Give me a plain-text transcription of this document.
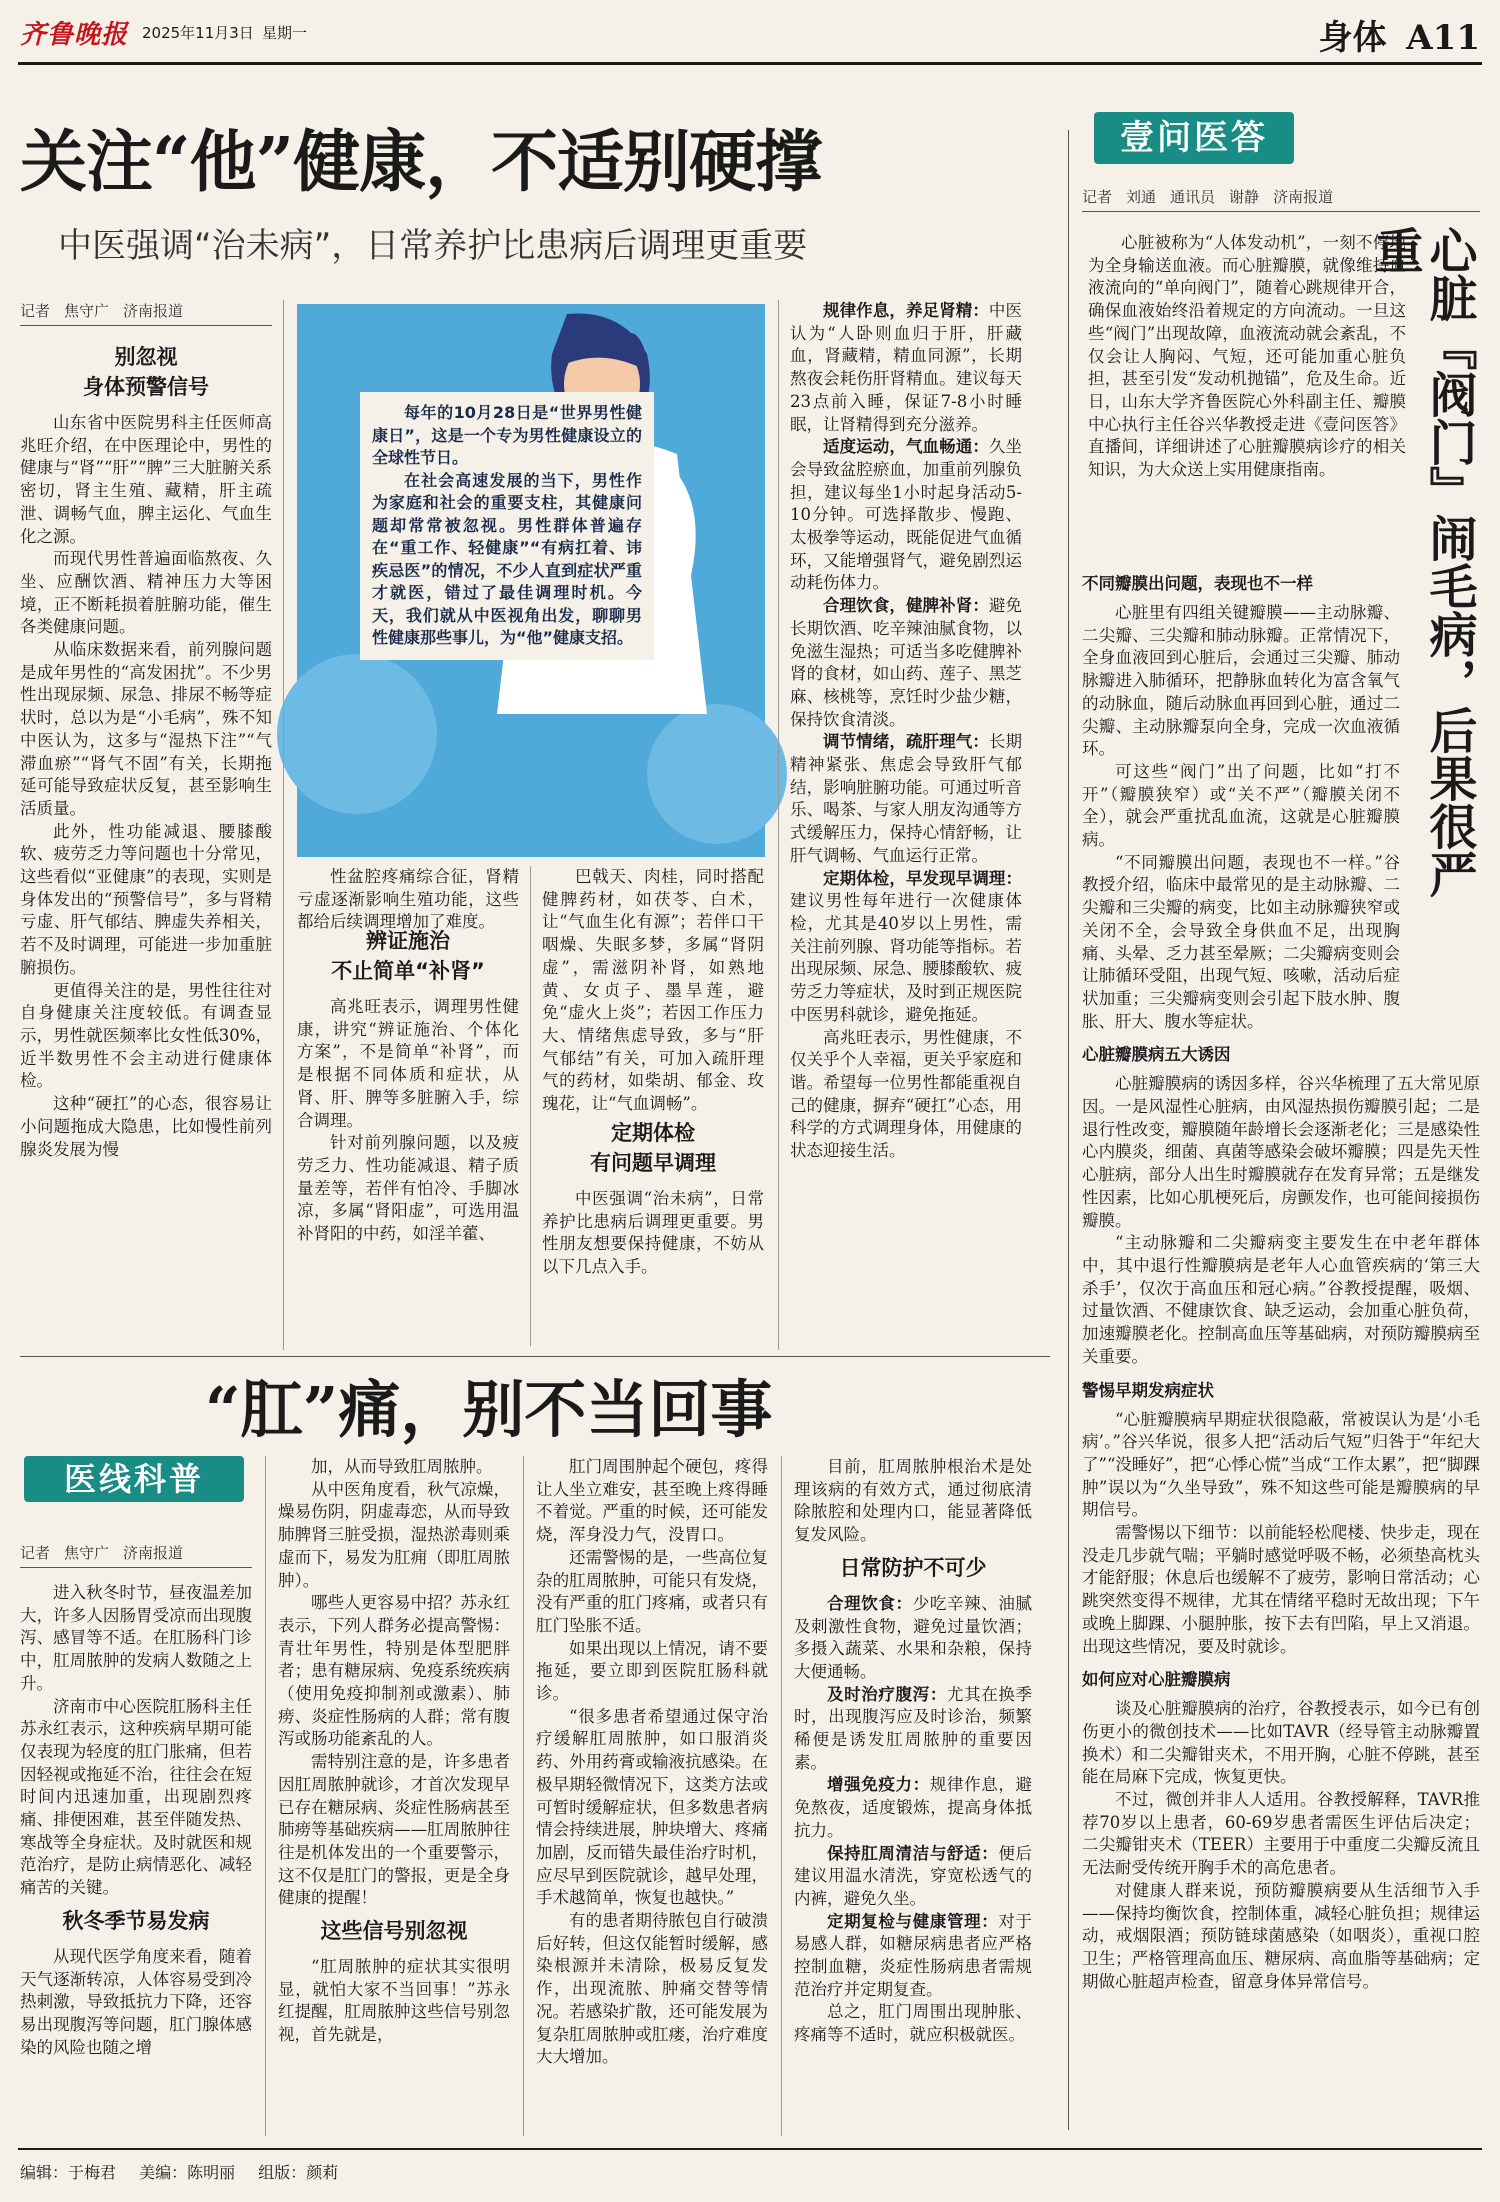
齐鲁晚报 2025年11月3日 星期一	身体 A11
关注“他”健康，不适别硬撑
中医强调“治未病”，日常养护比患病后调理更重要
记者 焦守广 济南报道

每年的10月28日是“世界男性健康日”，这是一个专为男性健康设立的全球性节日。

在社会高速发展的当下，男性作为家庭和社会的重要支柱，其健康问题却常常被忽视。男性群体普遍存在“重工作、轻健康”“有病扛着、讳疾忌医”的情况，不少人直到症状严重才就医，错过了最佳调理时机。今天，我们就从中医视角出发，聊聊男性健康那些事儿，为“他”健康支招。

别忽视
身体预警信号

山东省中医院男科主任医师高兆旺介绍，在中医理论中，男性的健康与“肾”“肝”“脾”三大脏腑关系密切，肾主生殖、藏精，肝主疏泄、调畅气血，脾主运化、气血生化之源。

而现代男性普遍面临熬夜、久坐、应酬饮酒、精神压力大等困境，正不断耗损着脏腑功能，催生各类健康问题。

从临床数据来看，前列腺问题是成年男性的“高发困扰”。不少男性出现尿频、尿急、排尿不畅等症状时，总以为是“小毛病”，殊不知中医认为，这多与“湿热下注”“气滞血瘀”“肾气不固”有关，长期拖延可能导致症状反复，甚至影响生活质量。

此外，性功能减退、腰膝酸软、疲劳乏力等问题也十分常见，这些看似“亚健康”的表现，实则是身体发出的“预警信号”，多与肾精亏虚、肝气郁结、脾虚失养相关，若不及时调理，可能进一步加重脏腑损伤。

更值得关注的是，男性往往对自身健康关注度较低。有调查显示，男性就医频率比女性低30%，近半数男性不会主动进行健康体检。

这种“硬扛”的心态，很容易让小问题拖成大隐患，比如慢性前列腺炎发展为慢

性盆腔疼痛综合征，肾精亏虚逐渐影响生殖功能，这些都给后续调理增加了难度。

辨证施治
不止简单“补肾”

高兆旺表示，调理男性健康，讲究“辨证施治、个体化方案”，不是简单“补肾”，而是根据不同体质和症状，从肾、肝、脾等多脏腑入手，综合调理。

针对前列腺问题，以及疲劳乏力、性功能减退、精子质量差等，若伴有怕冷、手脚冰凉，多属“肾阳虚”，可选用温补肾阳的中药，如淫羊藿、

巴戟天、肉桂，同时搭配健脾药材，如茯苓、白术，让“气血生化有源”；若伴口干咽燥、失眠多梦，多属“肾阴虚”，需滋阴补肾，如熟地黄、女贞子、墨旱莲，避免“虚火上炎”；若因工作压力大、情绪焦虑导致，多与“肝气郁结”有关，可加入疏肝理气的药材，如柴胡、郁金、玫瑰花，让“气血调畅”。

定期体检
有问题早调理

中医强调“治未病”，日常养护比患病后调理更重要。男性朋友想要保持健康，不妨从以下几点入手。

规律作息，养足肾精：中医认为“人卧则血归于肝，肝藏血，肾藏精，精血同源”，长期熬夜会耗伤肝肾精血。建议每天23点前入睡，保证7-8小时睡眠，让肾精得到充分滋养。

适度运动，气血畅通：久坐会导致盆腔瘀血，加重前列腺负担，建议每坐1小时起身活动5-10分钟。可选择散步、慢跑、太极拳等运动，既能促进气血循环，又能增强肾气，避免剧烈运动耗伤体力。

合理饮食，健脾补肾：避免长期饮酒、吃辛辣油腻食物，以免滋生湿热；可适当多吃健脾补肾的食材，如山药、莲子、黑芝麻、核桃等，烹饪时少盐少糖，保持饮食清淡。

调节情绪，疏肝理气：长期精神紧张、焦虑会导致肝气郁结，影响脏腑功能。可通过听音乐、喝茶、与家人朋友沟通等方式缓解压力，保持心情舒畅，让肝气调畅、气血运行正常。

定期体检，早发现早调理：建议男性每年进行一次健康体检，尤其是40岁以上男性，需关注前列腺、肾功能等指标。若出现尿频、尿急、腰膝酸软、疲劳乏力等症状，及时到正规医院中医男科就诊，避免拖延。

高兆旺表示，男性健康，不仅关乎个人幸福，更关乎家庭和谐。希望每一位男性都能重视自己的健康，摒弃“硬扛”心态，用科学的方式调理身体，用健康的状态迎接生活。

“肛”痛，别不当回事
医线科普
记者 焦守广 济南报道

进入秋冬时节，昼夜温差加大，许多人因肠胃受凉而出现腹泻、感冒等不适。在肛肠科门诊中，肛周脓肿的发病人数随之上升。

济南市中心医院肛肠科主任苏永红表示，这种疾病早期可能仅表现为轻度的肛门胀痛，但若因轻视或拖延不治，往往会在短时间内迅速加重，出现剧烈疼痛、排便困难，甚至伴随发热、寒战等全身症状。及时就医和规范治疗，是防止病情恶化、减轻痛苦的关键。

秋冬季节易发病

从现代医学角度来看，随着天气逐渐转凉，人体容易受到冷热刺激，导致抵抗力下降，还容易出现腹泻等问题，肛门腺体感染的风险也随之增

加，从而导致肛周脓肿。

从中医角度看，秋气凉燥，燥易伤阴，阴虚毒恋，从而导致肺脾肾三脏受损，湿热淤毒则乘虚而下，易发为肛痈（即肛周脓肿）。

哪些人更容易中招？苏永红表示，下列人群务必提高警惕：青壮年男性，特别是体型肥胖者；患有糖尿病、免疫系统疾病（使用免疫抑制剂或激素）、肺痨、炎症性肠病的人群；常有腹泻或肠功能紊乱的人。

需特别注意的是，许多患者因肛周脓肿就诊，才首次发现早已存在糖尿病、炎症性肠病甚至肺痨等基础疾病——肛周脓肿往往是机体发出的一个重要警示，这不仅是肛门的警报，更是全身健康的提醒！

这些信号别忽视

“肛周脓肿的症状其实很明显，就怕大家不当回事！”苏永红提醒，肛周脓肿这些信号别忽视，首先就是，

肛门周围肿起个硬包，疼得让人坐立难安，甚至晚上疼得睡不着觉。严重的时候，还可能发烧，浑身没力气，没胃口。

还需警惕的是，一些高位复杂的肛周脓肿，可能只有发烧，没有严重的肛门疼痛，或者只有肛门坠胀不适。

如果出现以上情况，请不要拖延，要立即到医院肛肠科就诊。

“很多患者希望通过保守治疗缓解肛周脓肿，如口服消炎药、外用药膏或输液抗感染。在极早期轻微情况下，这类方法或可暂时缓解症状，但多数患者病情会持续进展，肿块增大、疼痛加剧，反而错失最佳治疗时机，应尽早到医院就诊，越早处理，手术越简单，恢复也越快。”

有的患者期待脓包自行破溃后好转，但这仅能暂时缓解，感染根源并未清除，极易反复发作，出现流脓、肿痛交替等情况。若感染扩散，还可能发展为复杂肛周脓肿或肛瘘，治疗难度大大增加。

目前，肛周脓肿根治术是处理该病的有效方式，通过彻底清除脓腔和处理内口，能显著降低复发风险。

日常防护不可少

合理饮食：少吃辛辣、油腻及刺激性食物，避免过量饮酒；多摄入蔬菜、水果和杂粮，保持大便通畅。

及时治疗腹泻：尤其在换季时，出现腹泻应及时诊治，频繁稀便是诱发肛周脓肿的重要因素。

增强免疫力：规律作息，避免熬夜，适度锻炼，提高身体抵抗力。

保持肛周清洁与舒适：便后建议用温水清洗，穿宽松透气的内裤，避免久坐。

定期复检与健康管理：对于易感人群，如糖尿病患者应严格控制血糖，炎症性肠病患者需规范治疗并定期复查。

总之，肛门周围出现肿胀、疼痛等不适时，就应积极就医。

壹问医答
记者 刘通 通讯员 谢静 济南报道

心脏被称为“人体发动机”，一刻不停地为全身输送血液。而心脏瓣膜，就像维持血液流向的“单向阀门”，随着心跳规律开合，确保血液始终沿着规定的方向流动。一旦这些“阀门”出现故障，血液流动就会紊乱，不仅会让人胸闷、气短，还可能加重心脏负担，甚至引发“发动机抛锚”，危及生命。近日，山东大学齐鲁医院心外科副主任、瓣膜中心执行主任谷兴华教授走进《壹问医答》直播间，详细讲述了心脏瓣膜病诊疗的相关知识，为大众送上实用健康指南。	心脏『阀门』闹毛病，后果很严重
不同瓣膜出问题，表现也不一样

心脏里有四组关键瓣膜——主动脉瓣、二尖瓣、三尖瓣和肺动脉瓣。正常情况下，全身血液回到心脏后，会通过三尖瓣、肺动脉瓣进入肺循环，把静脉血转化为富含氧气的动脉血，随后动脉血再回到心脏，通过二尖瓣、主动脉瓣泵向全身，完成一次血液循环。

可这些“阀门”出了问题，比如“打不开”（瓣膜狭窄）或“关不严”（瓣膜关闭不全），就会严重扰乱血流，这就是心脏瓣膜病。

“不同瓣膜出问题，表现也不一样。”谷教授介绍，临床中最常见的是主动脉瓣、二尖瓣和三尖瓣的病变，比如主动脉瓣狭窄或关闭不全，会导致全身供血不足，出现胸痛、头晕、乏力甚至晕厥；二尖瓣病变则会让肺循环受阻，出现气短、咳嗽，活动后症状加重；三尖瓣病变则会引起下肢水肿、腹胀、肝大、腹水等症状。

心脏瓣膜病五大诱因

心脏瓣膜病的诱因多样，谷兴华梳理了五大常见原因。一是风湿性心脏病，由风湿热损伤瓣膜引起；二是退行性改变，瓣膜随年龄增长会逐渐老化；三是感染性心内膜炎，细菌、真菌等感染会破坏瓣膜；四是先天性心脏病，部分人出生时瓣膜就存在发育异常；五是继发性因素，比如心肌梗死后，房颤发作，也可能间接损伤瓣膜。

“主动脉瓣和二尖瓣病变主要发生在中老年群体中，其中退行性瓣膜病是老年人心血管疾病的‘第三大杀手’，仅次于高血压和冠心病。”谷教授提醒，吸烟、过量饮酒、不健康饮食、缺乏运动，会加重心脏负荷，加速瓣膜老化。控制高血压等基础病，对预防瓣膜病至关重要。

警惕早期发病症状

“心脏瓣膜病早期症状很隐蔽，常被误认为是‘小毛病’。”谷兴华说，很多人把“活动后气短”归咎于“年纪大了”“没睡好”，把“心悸心慌”当成“工作太累”，把“脚踝肿”误以为“久坐导致”，殊不知这些可能是瓣膜病的早期信号。

需警惕以下细节：以前能轻松爬楼、快步走，现在没走几步就气喘；平躺时感觉呼吸不畅，必须垫高枕头才能舒服；休息后也缓解不了疲劳，影响日常活动；心跳突然变得不规律，尤其在情绪平稳时无故出现；下午或晚上脚踝、小腿肿胀，按下去有凹陷，早上又消退。出现这些情况，要及时就诊。

如何应对心脏瓣膜病

谈及心脏瓣膜病的治疗，谷教授表示，如今已有创伤更小的微创技术——比如TAVR（经导管主动脉瓣置换术）和二尖瓣钳夹术，不用开胸，心脏不停跳，甚至能在局麻下完成，恢复更快。

不过，微创并非人人适用。谷教授解释，TAVR推荐70岁以上患者，60-69岁患者需医生评估后决定；二尖瓣钳夹术（TEER）主要用于中重度二尖瓣反流且无法耐受传统开胸手术的高危患者。

对健康人群来说，预防瓣膜病要从生活细节入手——保持均衡饮食，控制体重，减轻心脏负担；规律运动，戒烟限酒；预防链球菌感染（如咽炎），重视口腔卫生；严格管理高血压、糖尿病、高血脂等基础病；定期做心脏超声检查，留意身体异常信号。

编辑：于梅君 美编：陈明丽 组版：颜莉
